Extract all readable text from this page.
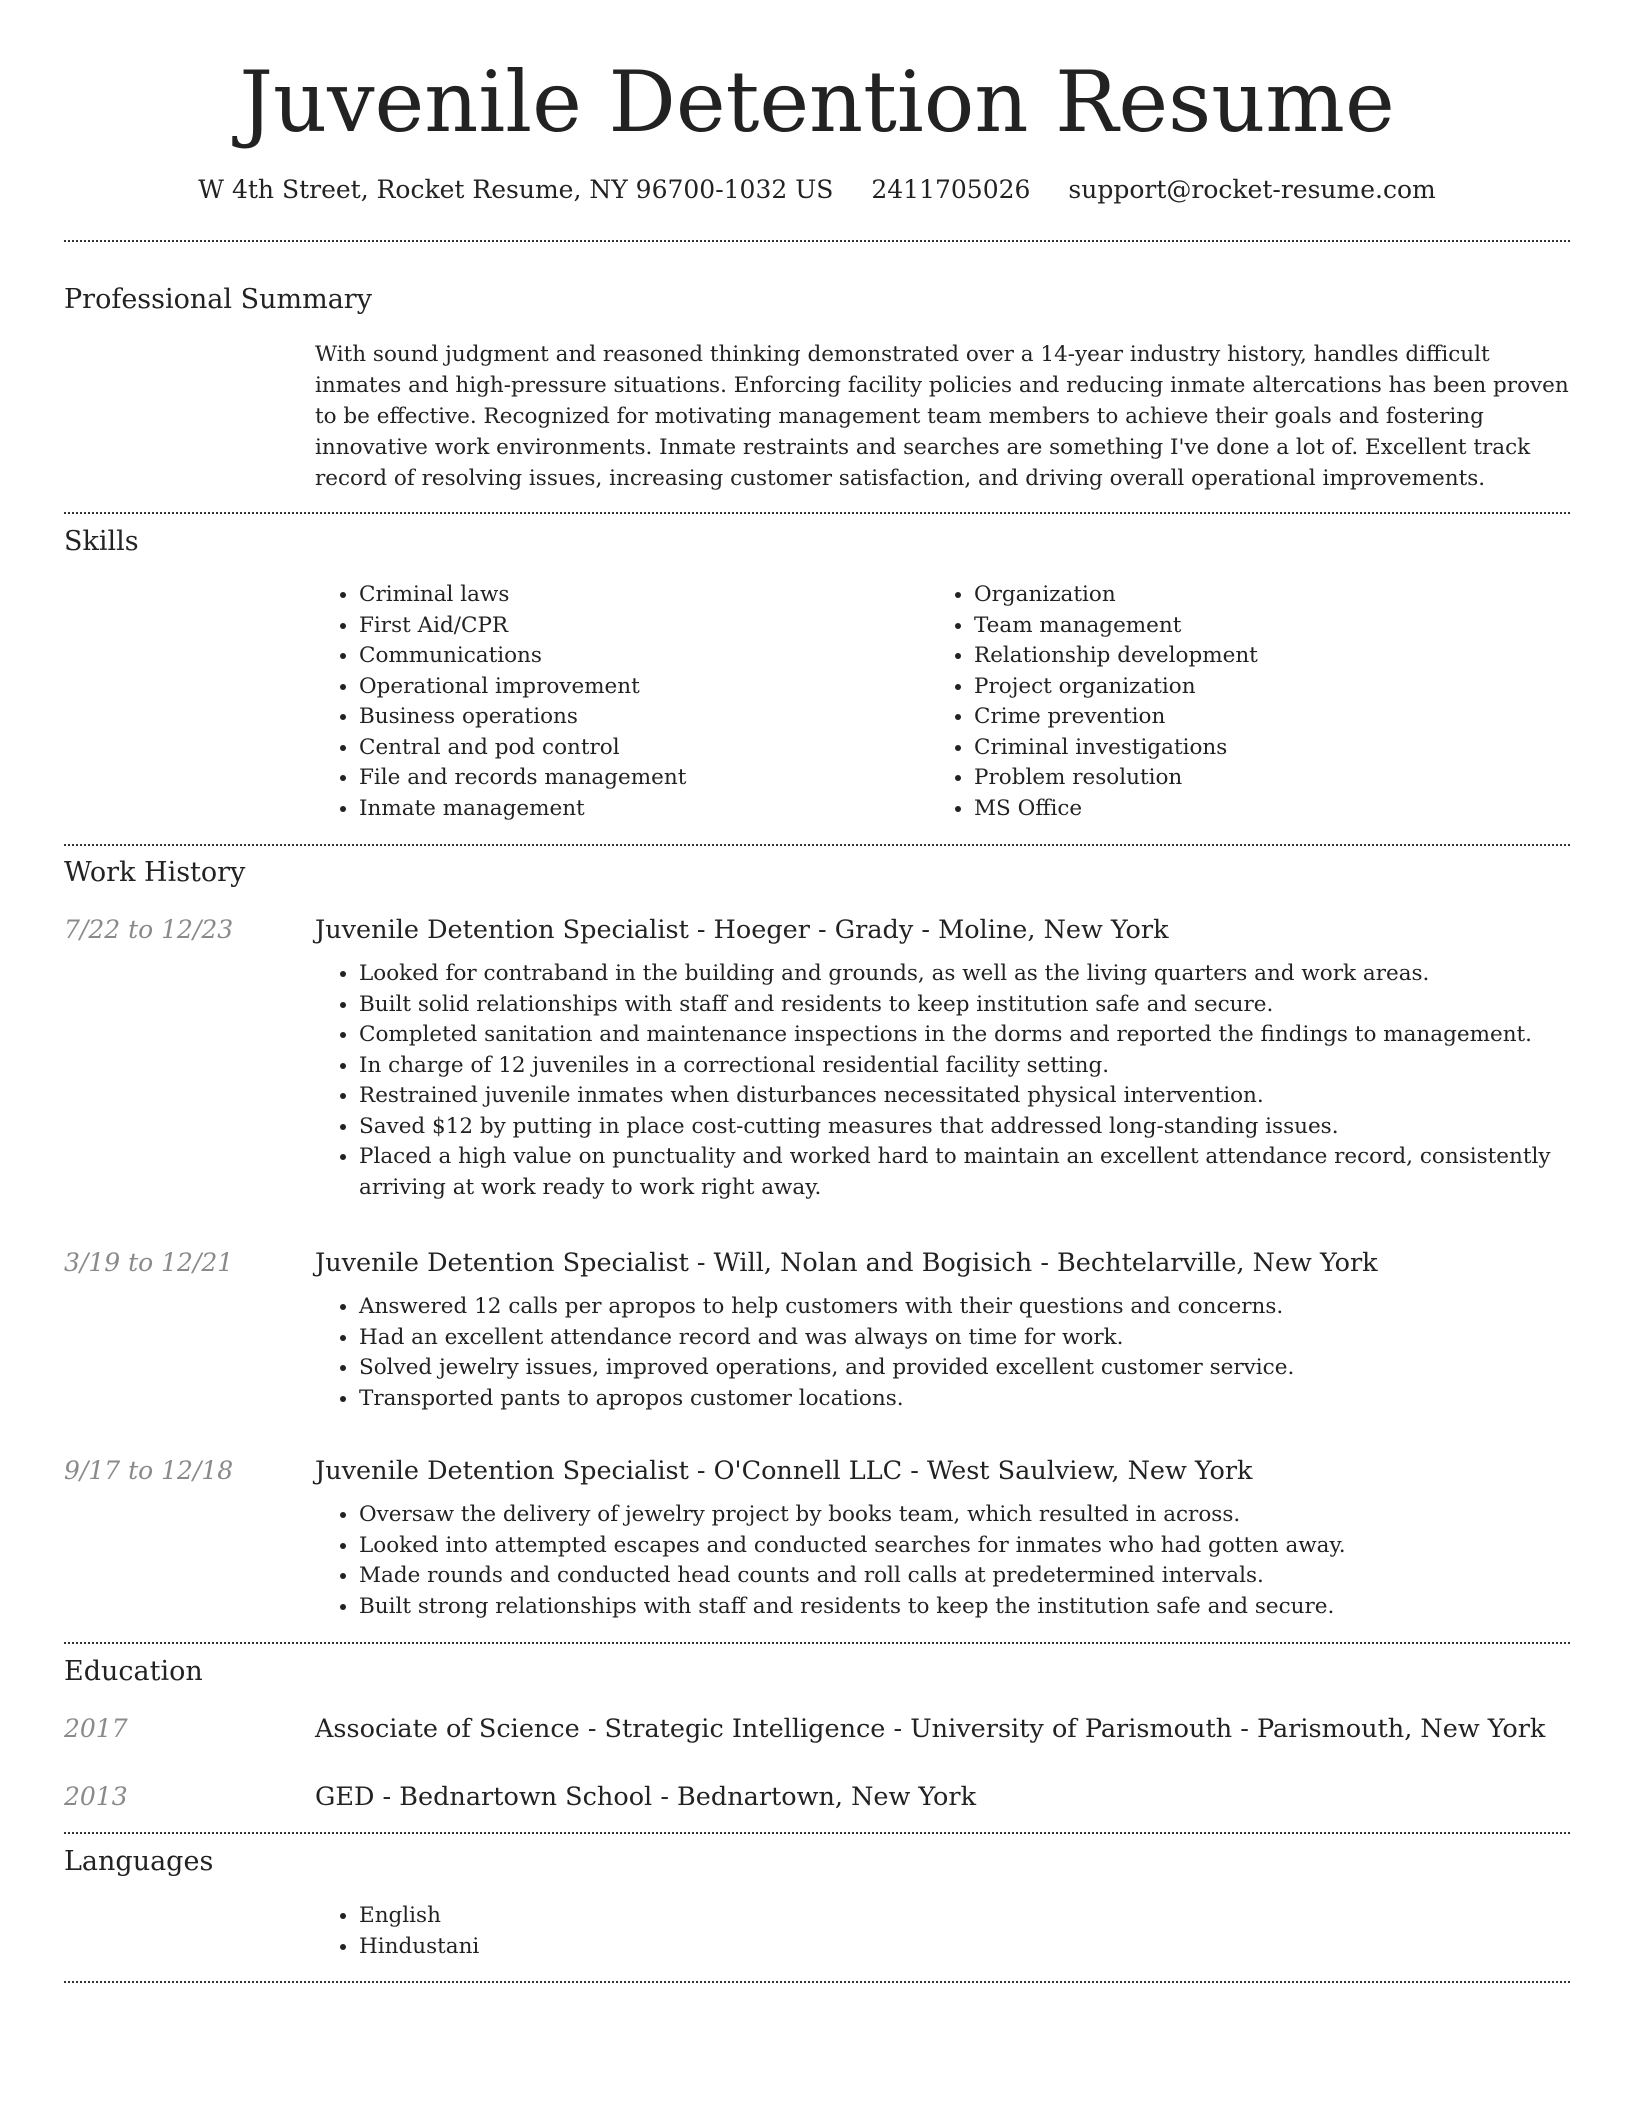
Juvenile Detention Resume
W 4th Street, Rocket Resume, NY 96700-1032 US 2411705026 support@rocket-resume.com
Professional Summary

With sound judgment and reasoned thinking demonstrated over a 14-year industry history, handles difficult inmates and high-pressure situations. Enforcing facility policies and reducing inmate altercations has been proven to be effective. Recognized for motivating management team members to achieve their goals and fostering innovative work environments. Inmate restraints and searches are something I've done a lot of. Excellent track record of resolving issues, increasing customer satisfaction, and driving overall operational improvements.

Skills
• Criminal laws
• First Aid/CPR
• Communications
• Operational improvement
• Business operations
• Central and pod control
• File and records management
• Inmate management
• Organization
• Team management
• Relationship development
• Project organization
• Crime prevention
• Criminal investigations
• Problem resolution
• MS Office
Work History
7/22 to 12/23	Juvenile Detention Specialist - Hoeger - Grady - Moline, New York
• Looked for contraband in the building and grounds, as well as the living quarters and work areas.
• Built solid relationships with staff and residents to keep institution safe and secure.
• Completed sanitation and maintenance inspections in the dorms and reported the findings to management.
• In charge of 12 juveniles in a correctional residential facility setting.
• Restrained juvenile inmates when disturbances necessitated physical intervention.
• Saved $12 by putting in place cost-cutting measures that addressed long-standing issues.
• Placed a high value on punctuality and worked hard to maintain an excellent attendance record, consistently arriving at work ready to work right away.
3/19 to 12/21	Juvenile Detention Specialist - Will, Nolan and Bogisich - Bechtelarville, New York
• Answered 12 calls per apropos to help customers with their questions and concerns.
• Had an excellent attendance record and was always on time for work.
• Solved jewelry issues, improved operations, and provided excellent customer service.
• Transported pants to apropos customer locations.
9/17 to 12/18	Juvenile Detention Specialist - O'Connell LLC - West Saulview, New York
• Oversaw the delivery of jewelry project by books team, which resulted in across.
• Looked into attempted escapes and conducted searches for inmates who had gotten away.
• Made rounds and conducted head counts and roll calls at predetermined intervals.
• Built strong relationships with staff and residents to keep the institution safe and secure.
Education
2017	Associate of Science - Strategic Intelligence - University of Parismouth - Parismouth, New York
2013	GED - Bednartown School - Bednartown, New York
Languages
• English
• Hindustani
